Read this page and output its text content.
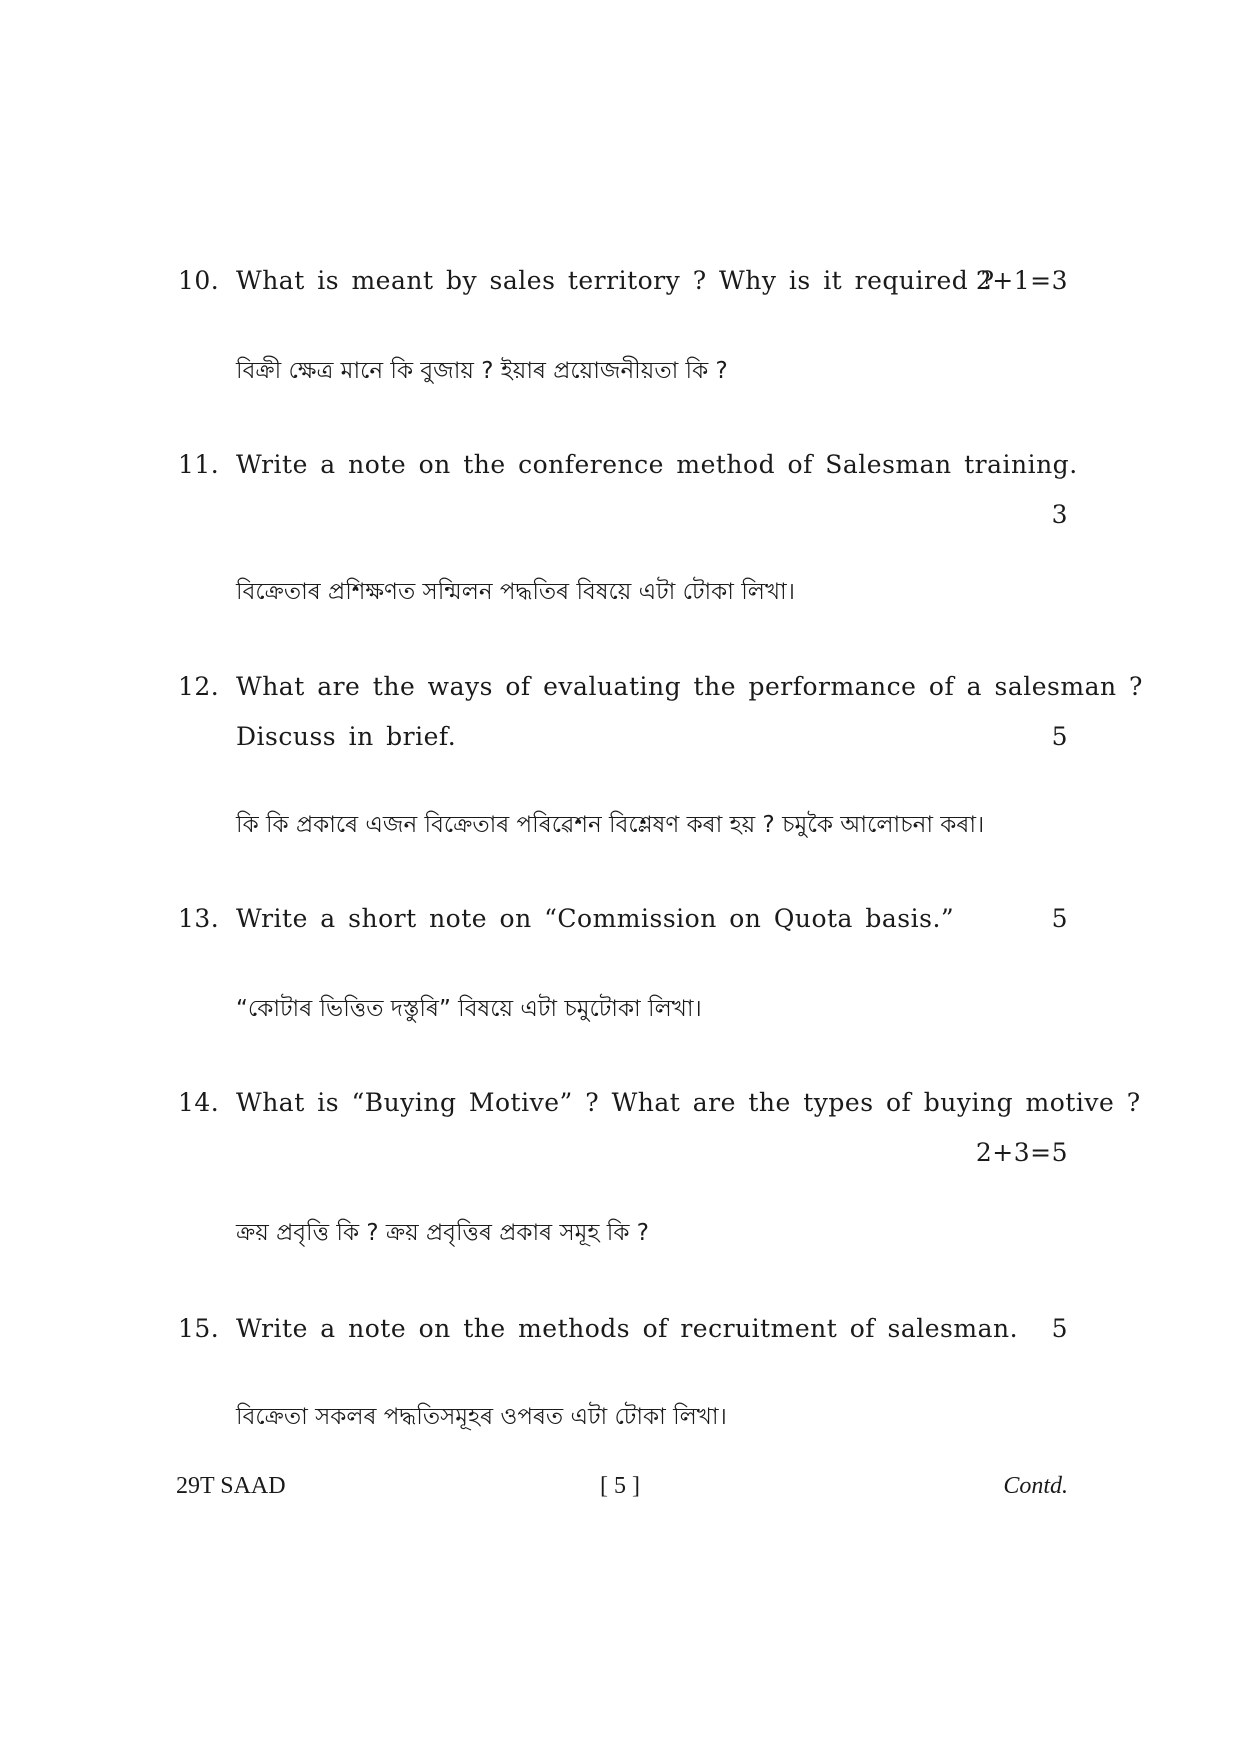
10. What is meant by sales territory ? Why is it required ?
2+1=3
বিক্ৰী ক্ষেত্ৰ মানে কি বুজায় ? ইয়াৰ প্ৰয়োজনীয়তা কি ?
11. Write a note on the conference method of Salesman training.
3
বিক্ৰেতাৰ প্ৰশিক্ষণত সন্মিলন পদ্ধতিৰ বিষয়ে এটা টোকা লিখা।
12. What are the ways of evaluating the performance of a salesman ?
Discuss in brief.	5
কি কি প্ৰকাৰে এজন বিক্ৰেতাৰ পৰিৱেশন বিশ্লেষণ কৰা হয় ? চমুকৈ আলোচনা কৰা।
13. Write a short note on “Commission on Quota basis.”	5
“কোটাৰ ভিত্তিত দস্তুৰি” বিষয়ে এটা চমুটোকা লিখা।
14. What is “Buying Motive” ? What are the types of buying motive ?
2+3=5
ক্ৰয় প্ৰবৃত্তি কি ? ক্ৰয় প্ৰবৃত্তিৰ প্ৰকাৰ সমূহ কি ?
15. Write a note on the methods of recruitment of salesman. 5
বিক্ৰেতা সকলৰ পদ্ধতিসমূহৰ ওপৰত এটা টোকা লিখা।
29T SAAD	[ 5 ]	Contd.
